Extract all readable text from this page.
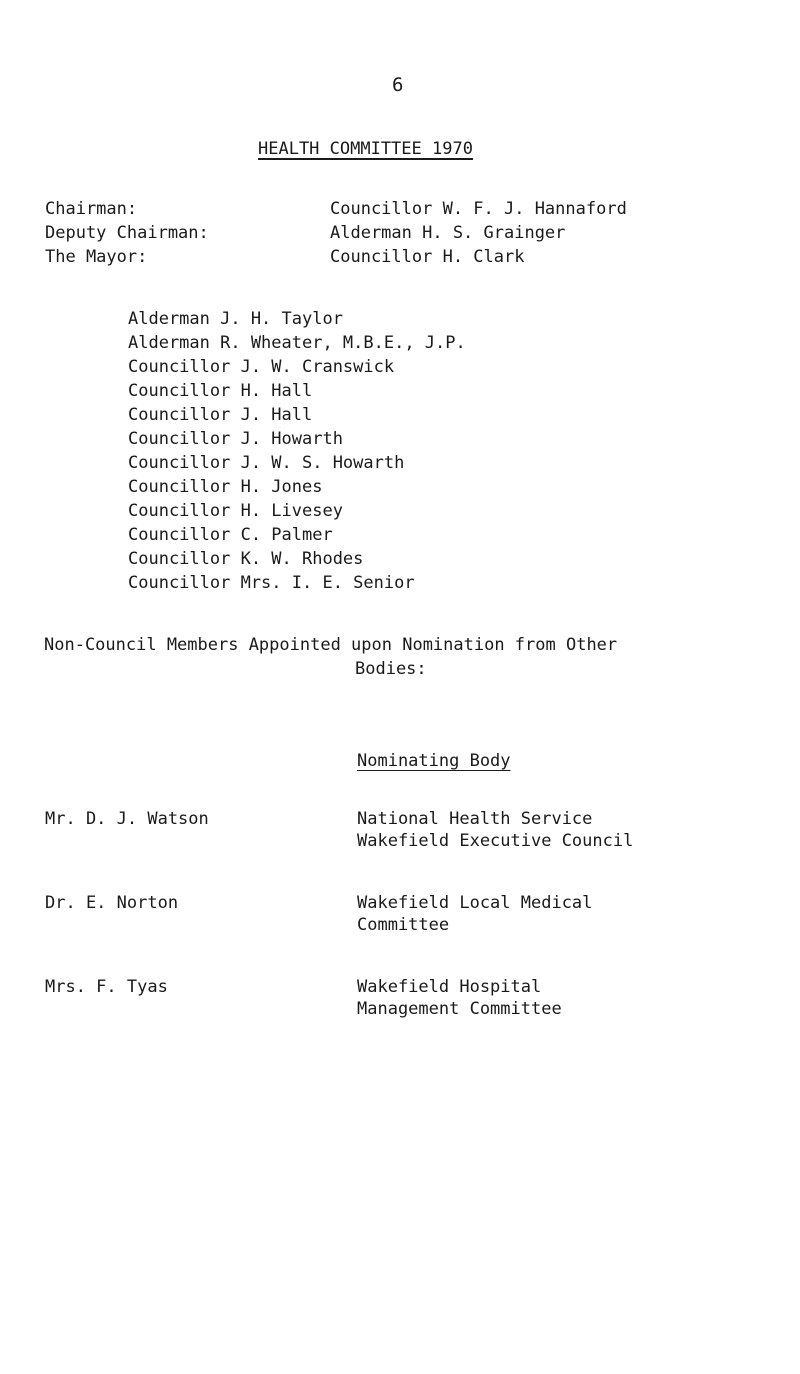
6
HEALTH COMMITTEE 1970
Chairman:	Councillor W. F. J. Hannaford
Deputy Chairman:	Alderman H. S. Grainger
The Mayor:	Councillor H. Clark
Alderman J. H. Taylor
Alderman R. Wheater, M.B.E., J.P.
Councillor J. W. Cranswick
Councillor H. Hall
Councillor J. Hall
Councillor J. Howarth
Councillor J. W. S. Howarth
Councillor H. Jones
Councillor H. Livesey
Councillor C. Palmer
Councillor K. W. Rhodes
Councillor Mrs. I. E. Senior
Non-Council Members Appointed upon Nomination from Other
Bodies:
Nominating Body
Mr. D. J. Watson	National Health Service
Wakefield Executive Council
Dr. E. Norton	Wakefield Local Medical
Committee
Mrs. F. Tyas	Wakefield Hospital
Management Committee
